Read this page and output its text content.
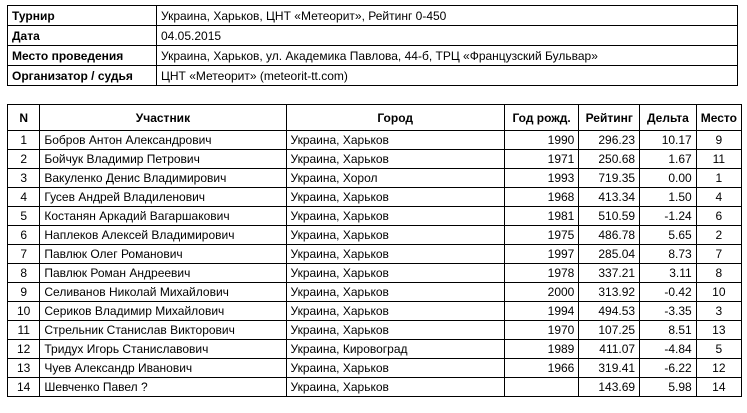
Турнир	Украина, Харьков, ЦНТ «Метеорит», Рейтинг 0-450
Дата	04.05.2015
Место проведения	Украина, Харьков, ул. Академика Павлова, 44-б, ТРЦ «Французский Бульвар»
Организатор / судья	ЦНТ «Метеорит» (meteorit-tt.com)
N	Участник	Город	Год рожд.	Рейтинг	Дельта	Место
1	Бобров Антон Александрович	Украина, Харьков	1990	296.23	10.17	9
2	Бойчук Владимир Петрович	Украина, Харьков	1971	250.68	1.67	11
3	Вакуленко Денис Владимирович	Украина, Хорол	1993	719.35	0.00	1
4	Гусев Андрей Владиленович	Украина, Харьков	1968	413.34	1.50	4
5	Костанян Аркадий Вагаршакович	Украина, Харьков	1981	510.59	-1.24	6
6	Наплеков Алексей Владимирович	Украина, Харьков	1975	486.78	5.65	2
7	Павлюк Олег Романович	Украина, Харьков	1997	285.04	8.73	7
8	Павлюк Роман Андреевич	Украина, Харьков	1978	337.21	3.11	8
9	Селиванов Николай Михайлович	Украина, Харьков	2000	313.92	-0.42	10
10	Сериков Владимир Михайлович	Украина, Харьков	1994	494.53	-3.35	3
11	Стрельник Станислав Викторович	Украина, Харьков	1970	107.25	8.51	13
12	Тридух Игорь Станиславович	Украина, Кировоград	1989	411.07	-4.84	5
13	Чуев Александр Иванович	Украина, Харьков	1966	319.41	-6.22	12
14	Шевченко Павел ?	Украина, Харьков		143.69	5.98	14
